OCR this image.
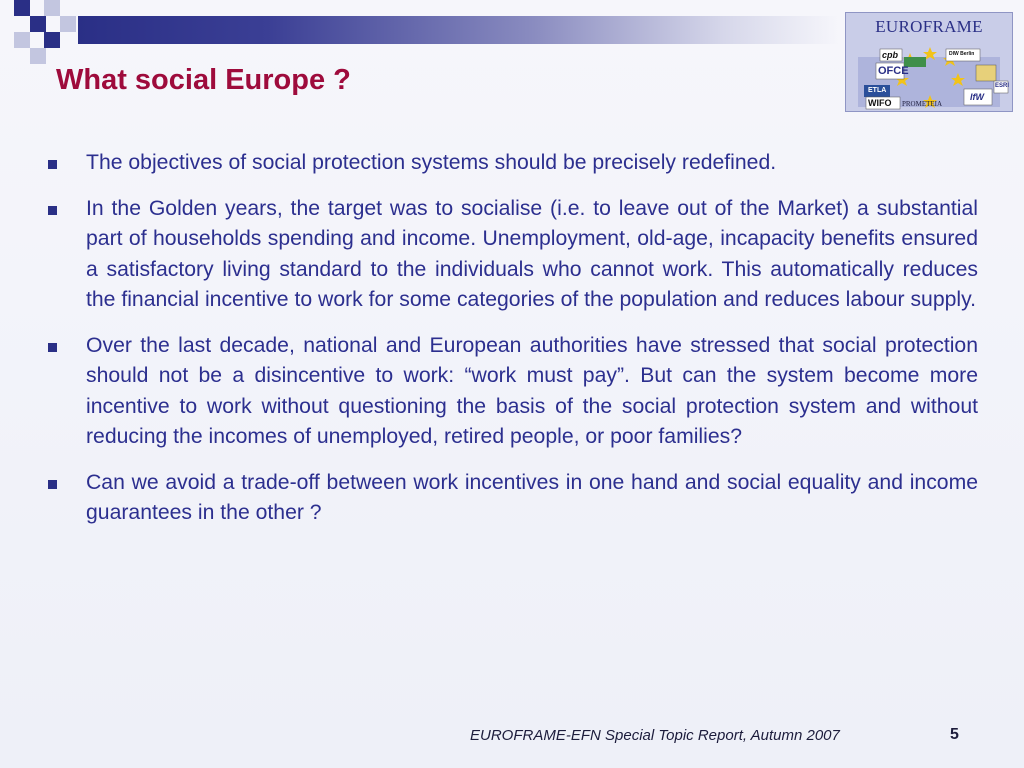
What social Europe ?
EUROFRAME
cpb	DIW Berlin
OFCE
ETLA
WIFO PROMETEIA
ESRI
IfW
The objectives of social protection systems should be precisely redefined.
In the Golden years, the target was to socialise (i.e. to leave out of the Market) a substantial part of households spending and income. Unemployment, old-age, incapacity benefits ensured a satisfactory living standard to the individuals who cannot work. This automatically reduces the financial incentive to work for some categories of the population and reduces labour supply.
Over the last decade, national and European authorities have stressed that social protection should not be a disincentive to work: “work must pay”. But can the system become more incentive to work without questioning the basis of the social protection system and without reducing the incomes of unemployed, retired people, or poor families?
Can we avoid a trade-off between work incentives in one hand and social equality and income guarantees in the other ?
EUROFRAME-EFN Special Topic Report, Autumn 2007	5
